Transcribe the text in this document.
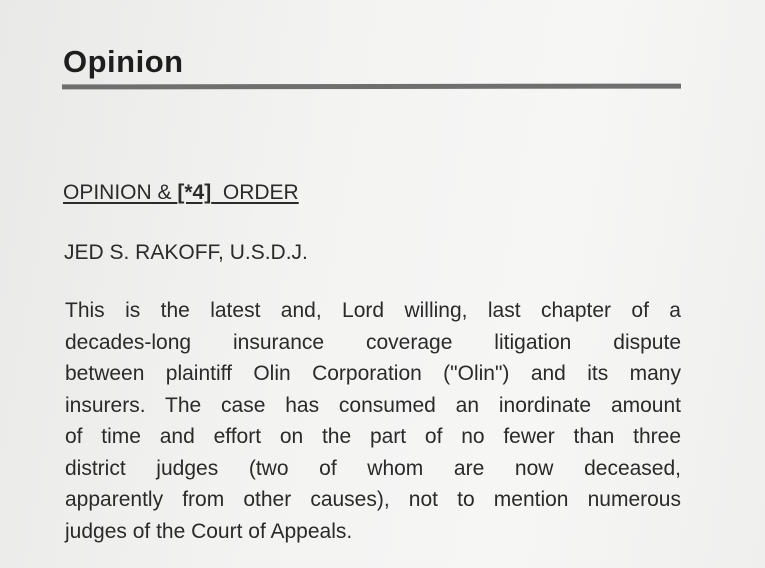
Opinion
OPINION & [*4]  ORDER
JED S. RAKOFF, U.S.D.J.
This is the latest and, Lord willing, last chapter of a
decades-long insurance coverage litigation dispute
between plaintiff Olin Corporation ("Olin") and its many
insurers. The case has consumed an inordinate amount
of time and effort on the part of no fewer than three
district judges (two of whom are now deceased,
apparently from other causes), not to mention numerous
judges of the Court of Appeals.
